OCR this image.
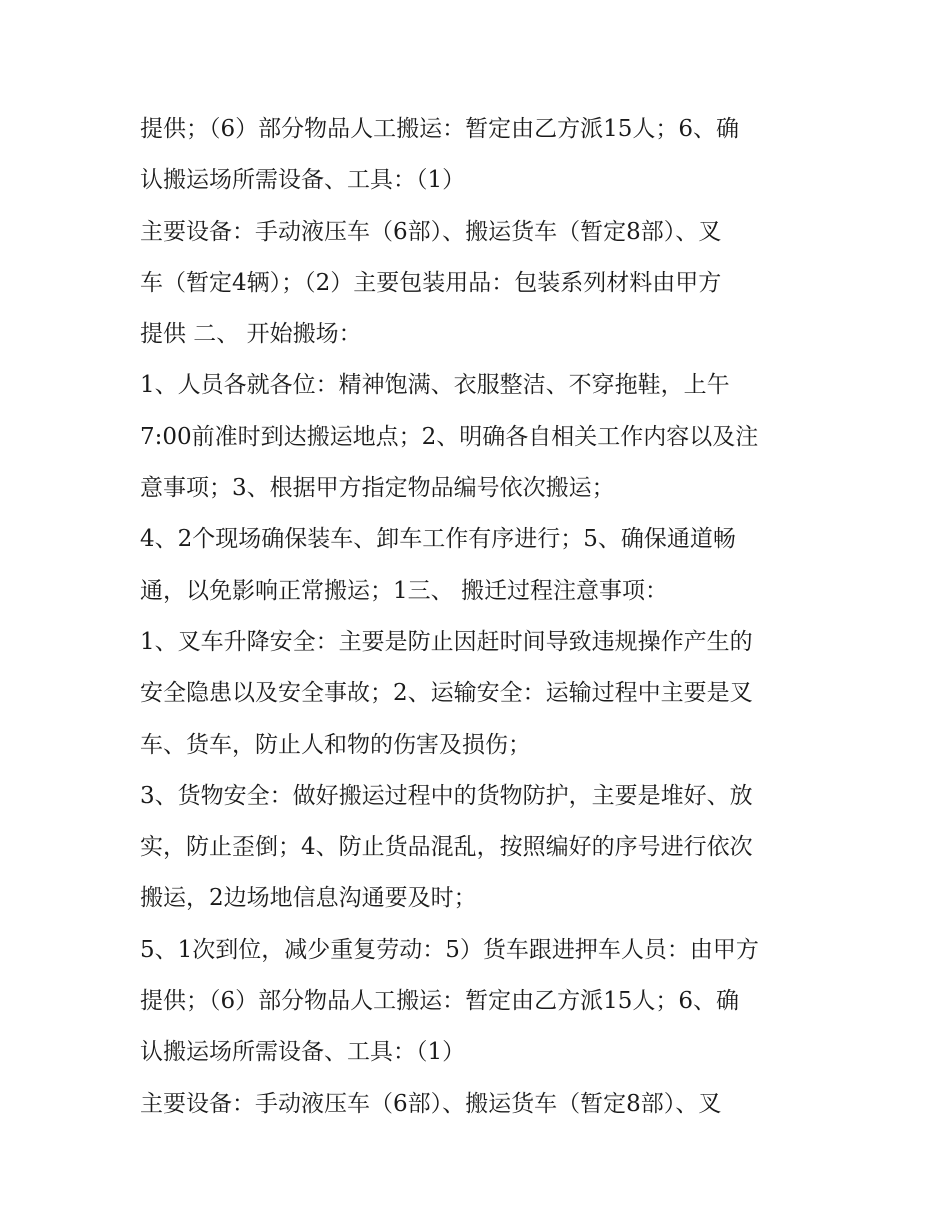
提供；（6）部分物品人工搬运：暂定由乙方派15人；6、确
认搬运场所需设备、工具：（1）
主要设备：手动液压车（6部）、搬运货车（暂定8部）、叉
车（暂定4辆）；（2）主要包装用品：包装系列材料由甲方
提供 二、 开始搬场：
1、人员各就各位：精神饱满、衣服整洁、不穿拖鞋，上午
7:00前准时到达搬运地点；2、明确各自相关工作内容以及注
意事项；3、根据甲方指定物品编号依次搬运；
4、2个现场确保装车、卸车工作有序进行；5、确保通道畅
通，以免影响正常搬运；1三、 搬迁过程注意事项：
1、叉车升降安全：主要是防止因赶时间导致违规操作产生的
安全隐患以及安全事故；2、运输安全：运输过程中主要是叉
车、货车，防止人和物的伤害及损伤；
3、货物安全：做好搬运过程中的货物防护，主要是堆好、放
实，防止歪倒；4、防止货品混乱，按照编好的序号进行依次
搬运，2边场地信息沟通要及时；
5、1次到位，减少重复劳动：5）货车跟进押车人员：由甲方
提供；（6）部分物品人工搬运：暂定由乙方派15人；6、确
认搬运场所需设备、工具：（1）
主要设备：手动液压车（6部）、搬运货车（暂定8部）、叉
